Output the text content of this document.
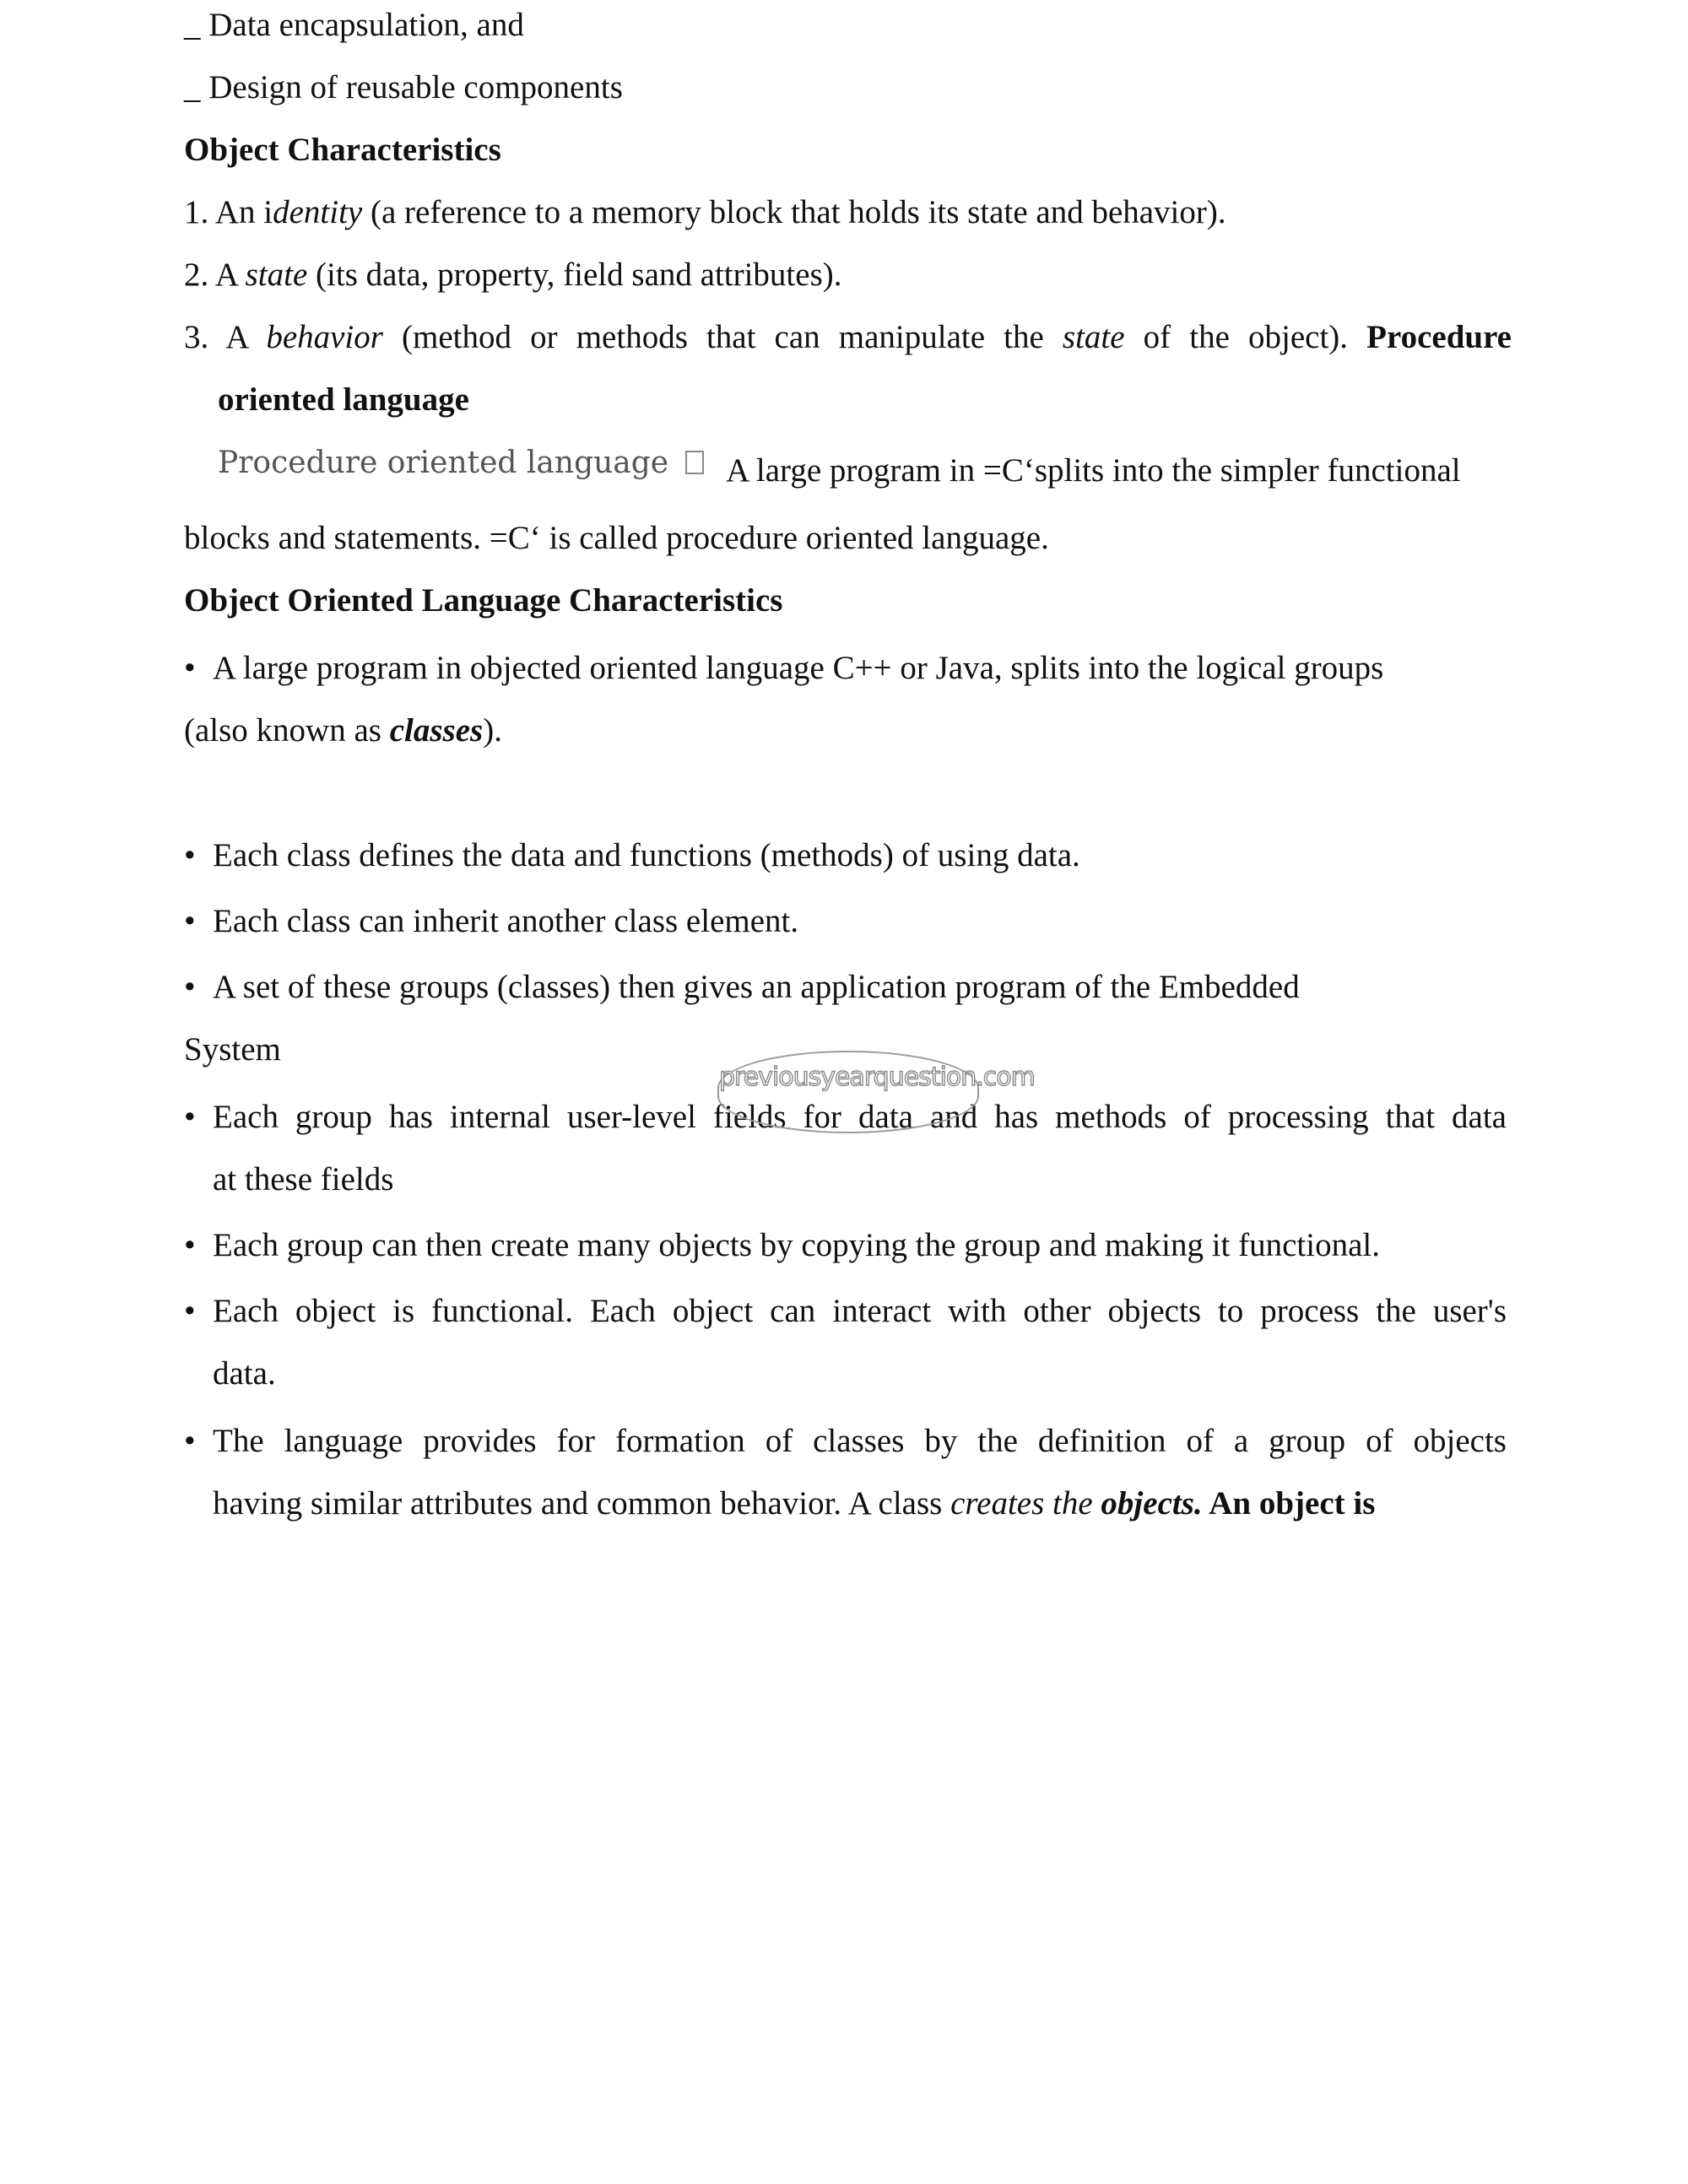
_ Data encapsulation, and
_ Design of reusable components
Object Characteristics
1. An identity (a reference to a memory block that holds its state and behavior).
2. A state (its data, property, field sand attributes).
3. A behavior (method or methods that can manipulate the state of the object). Procedure
oriented language
Procedure oriented language A large program in =C‘splits into the simpler functional
blocks and statements. =C‘ is called procedure oriented language.
Object Oriented Language Characteristics
• A large program in objected oriented language C++ or Java, splits into the logical groups
(also known as classes).
• Each class defines the data and functions (methods) of using data.
• Each class can inherit another class element.
• A set of these groups (classes) then gives an application program of the Embedded
System
• Each group has internal user-level fields for data and has methods of processing that data
at these fields
• Each group can then create many objects by copying the group and making it functional.
• Each object is functional. Each object can interact with other objects to process the user's
data.
• The language provides for formation of classes by the definition of a group of objects
having similar attributes and common behavior. A class creates the objects. An object is
previousyearquestion.com
